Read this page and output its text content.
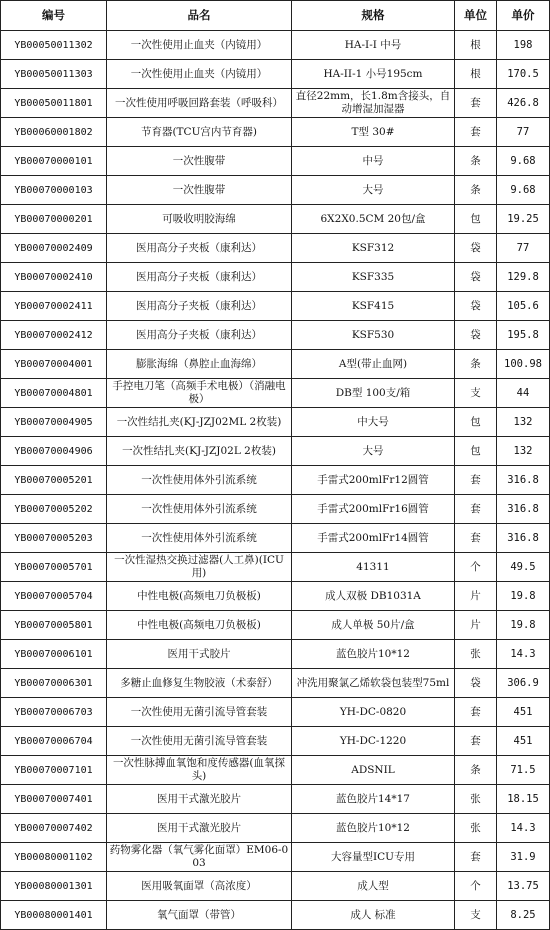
编号	品名	规格	单位	单价
YB00050011302	一次性使用止血夹（内镜用）	HA-I-I 中号	根	198
YB00050011303	一次性使用止血夹（内镜用）	HA-II-1 小号195cm	根	170.5
YB00050011801	一次性使用呼吸回路套装（呼吸科）	直径22mm，长1.8m含接头，自动增湿加湿器	套	426.8
YB00060001802	节育器(TCU宫内节育器)	T型 30#	套	77
YB00070000101	一次性腹带	中号	条	9.68
YB00070000103	一次性腹带	大号	条	9.68
YB00070000201	可吸收明胶海绵	6X2X0.5CM 20包/盒	包	19.25
YB00070002409	医用高分子夹板（康利达）	KSF312	袋	77
YB00070002410	医用高分子夹板（康利达）	KSF335	袋	129.8
YB00070002411	医用高分子夹板（康利达）	KSF415	袋	105.6
YB00070002412	医用高分子夹板（康利达）	KSF530	袋	195.8
YB00070004001	膨胀海绵（鼻腔止血海绵）	A型(带止血网)	条	100.98
YB00070004801	手控电刀笔（高频手术电极）（消融电极）	DB型 100支/箱	支	44
YB00070004905	一次性结扎夹(KJ-JZJ02ML 2枚装)	中大号	包	132
YB00070004906	一次性结扎夹(KJ-JZJ02L 2枚装)	大号	包	132
YB00070005201	一次性使用体外引流系统	手雷式200mlFr12圆管	套	316.8
YB00070005202	一次性使用体外引流系统	手雷式200mlFr16圆管	套	316.8
YB00070005203	一次性使用体外引流系统	手雷式200mlFr14圆管	套	316.8
YB00070005701	一次性湿热交换过滤器(人工鼻)(ICU用)	41311	个	49.5
YB00070005704	中性电极(高频电刀负极板)	成人双极 DB1031A	片	19.8
YB00070005801	中性电极(高频电刀负极板)	成人单极 50片/盒	片	19.8
YB00070006101	医用干式胶片	蓝色胶片10*12	张	14.3
YB00070006301	多糖止血修复生物胶液（术泰舒）	冲洗用聚氯乙烯软袋包装型75ml	袋	306.9
YB00070006703	一次性使用无菌引流导管套装	YH-DC-0820	套	451
YB00070006704	一次性使用无菌引流导管套装	YH-DC-1220	套	451
YB00070007101	一次性脉搏血氧饱和度传感器(血氧探头)	ADSNIL	条	71.5
YB00070007401	医用干式激光胶片	蓝色胶片14*17	张	18.15
YB00070007402	医用干式激光胶片	蓝色胶片10*12	张	14.3
YB00080001102	药物雾化器（氧气雾化面罩）EM06-003	大容量型ICU专用	套	31.9
YB00080001301	医用吸氧面罩（高浓度）	成人型	个	13.75
YB00080001401	氧气面罩（带管）	成人 标准	支	8.25
